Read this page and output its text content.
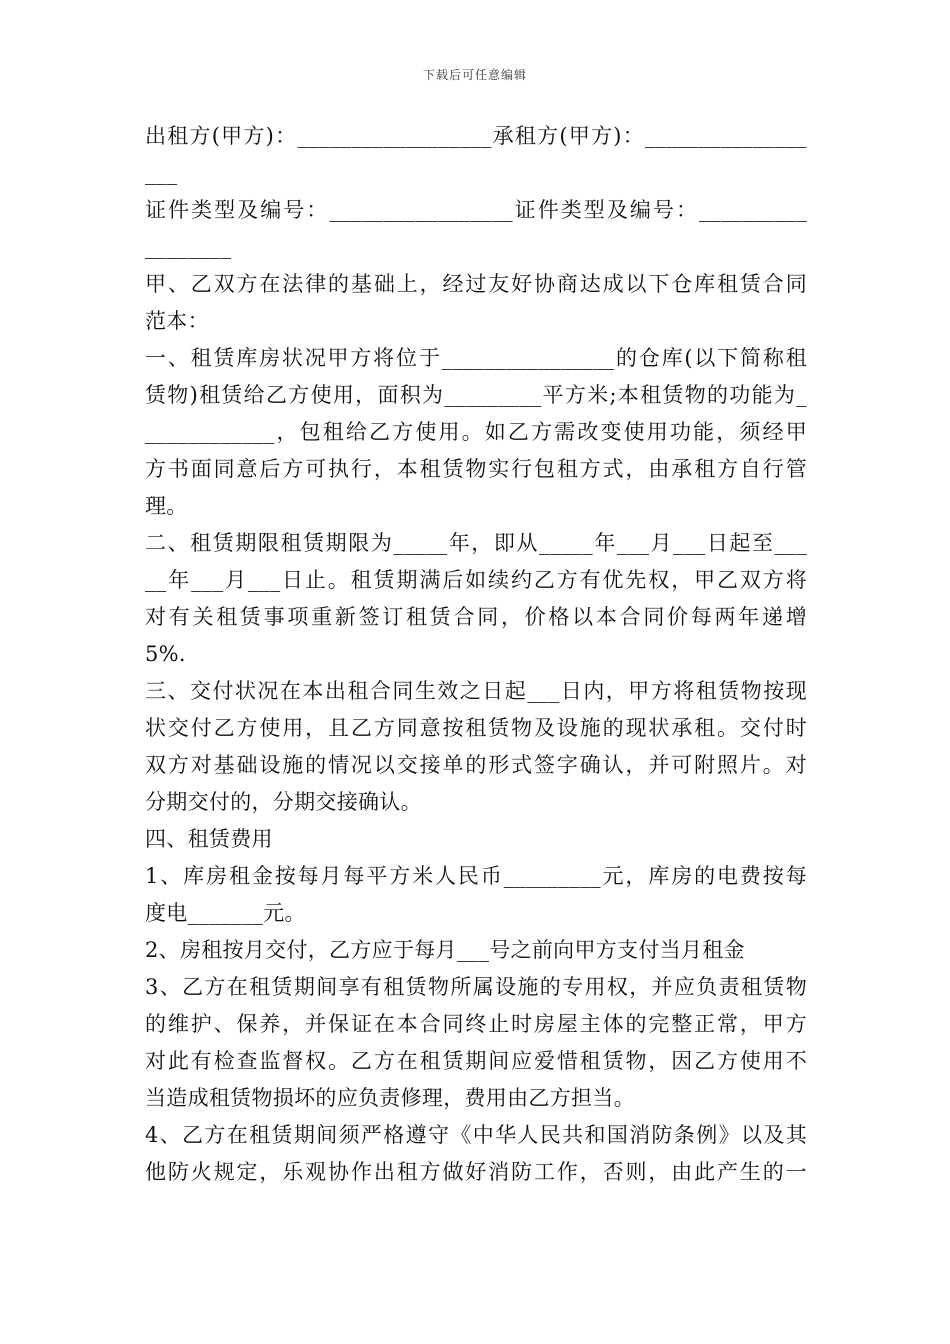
下载后可任意编辑
出租方(甲方)：__________________承租方(甲方)：_______________
___
证件类型及编号：_________________证件类型及编号：__________
________
甲、乙双方在法律的基础上，经过友好协商达成以下仓库租赁合同
范本：
一、租赁库房状况甲方将位于________________的仓库(以下简称租
赁物)租赁给乙方使用，面积为_________平方米;本租赁物的功能为_
____________，包租给乙方使用。如乙方需改变使用功能，须经甲
方书面同意后方可执行，本租赁物实行包租方式，由承租方自行管
理。
二、租赁期限租赁期限为_____年，即从_____年___月___日起至___
__年___月___日止。租赁期满后如续约乙方有优先权，甲乙双方将
对有关租赁事项重新签订租赁合同，价格以本合同价每两年递增
5%.
三、交付状况在本出租合同生效之日起___日内，甲方将租赁物按现
状交付乙方使用，且乙方同意按租赁物及设施的现状承租。交付时
双方对基础设施的情况以交接单的形式签字确认，并可附照片。对
分期交付的，分期交接确认。
四、租赁费用
1、库房租金按每月每平方米人民币_________元，库房的电费按每
度电_______元。
2、房租按月交付，乙方应于每月___号之前向甲方支付当月租金
3、乙方在租赁期间享有租赁物所属设施的专用权，并应负责租赁物
的维护、保养，并保证在本合同终止时房屋主体的完整正常，甲方
对此有检查监督权。乙方在租赁期间应爱惜租赁物，因乙方使用不
当造成租赁物损坏的应负责修理，费用由乙方担当。
4、乙方在租赁期间须严格遵守《中华人民共和国消防条例》以及其
他防火规定，乐观协作出租方做好消防工作，否则，由此产生的一
